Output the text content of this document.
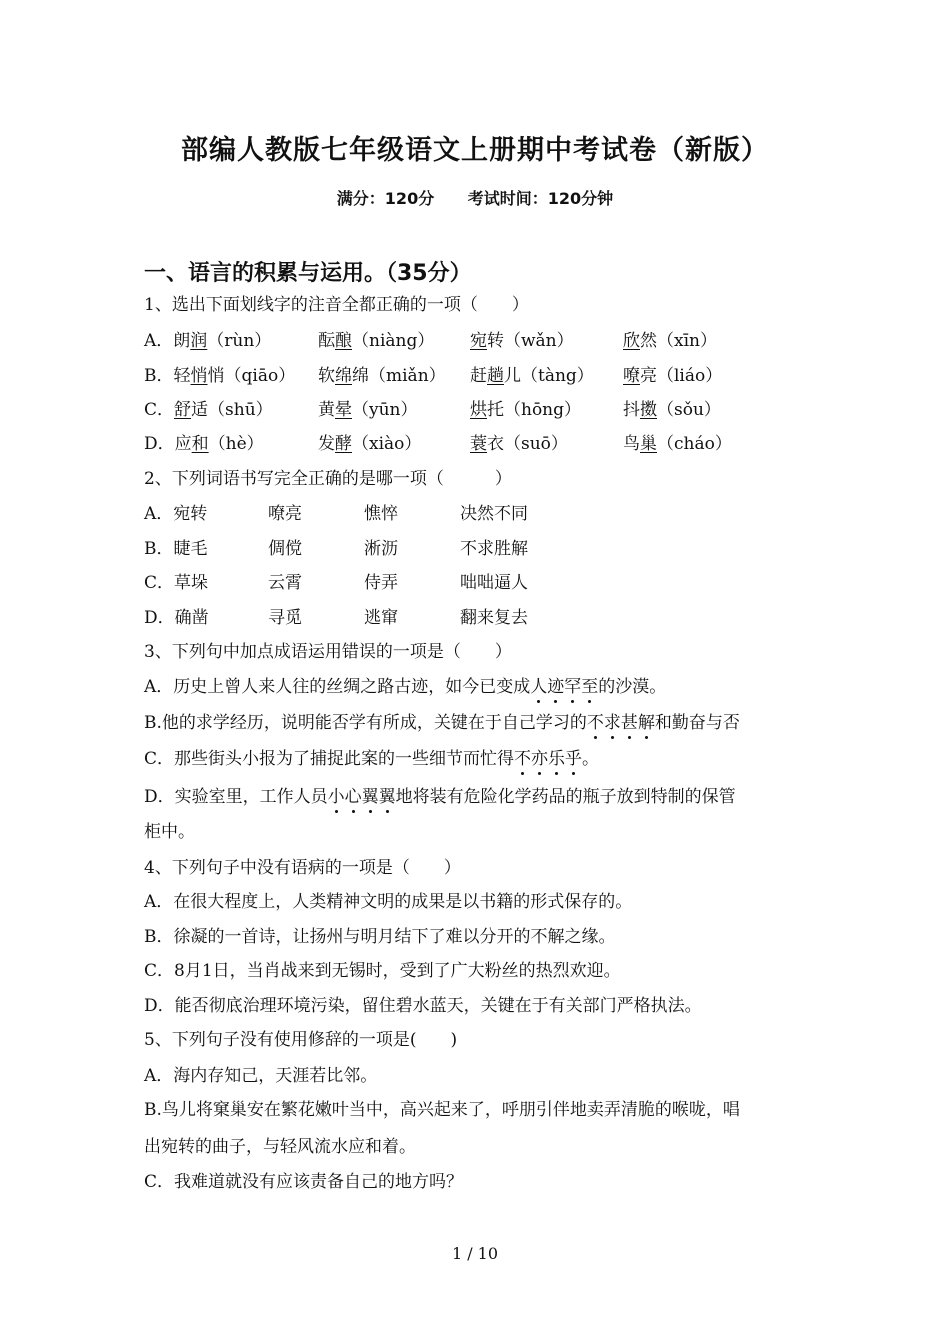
部编人教版七年级语文上册期中考试卷（新版）
满分：120分 考试时间：120分钟
一、语言的积累与运用。（35分）
1、选出下面划线字的注音全都正确的一项（　　）
A．朗润（rùn）	酝酿（niàng） 宛转（wǎn）	欣然（xīn）
B．轻悄悄（qiāo） 软绵绵（miǎn） 赶趟儿（tàng） 嘹亮（liáo）
C．舒适（shū）	黄晕（yūn）	烘托（hōng） 抖擞（sǒu）
D．应和（hè）	发酵（xiào）	蓑衣（suō）	鸟巢（cháo）
2、下列词语书写完全正确的是哪一项（　　　）
A．宛转	嘹亮	憔悴	决然不同
B．睫毛	倜傥	淅沥	不求胜解
C．草垛	云霄	侍弄	咄咄逼人
D．确凿	寻觅	逃窜	翻来复去
3、下列句中加点成语运用错误的一项是（　　）
A．历史上曾人来人往的丝绸之路古迹，如今已变成人迹罕至的沙漠。
B.他的求学经历，说明能否学有所成，关键在于自己学习的不求甚解和勤奋与否
C．那些街头小报为了捕捉此案的一些细节而忙得不亦乐乎。
D．实验室里，工作人员小心翼翼地将装有危险化学药品的瓶子放到特制的保管
柜中。
4、下列句子中没有语病的一项是（　　）
A．在很大程度上，人类精神文明的成果是以书籍的形式保存的。
B．徐凝的一首诗，让扬州与明月结下了难以分开的不解之缘。
C．8月1日，当肖战来到无锡时，受到了广大粉丝的热烈欢迎。
D．能否彻底治理环境污染，留住碧水蓝天，关键在于有关部门严格执法。
5、下列句子没有使用修辞的一项是(　　)
A．海内存知己，天涯若比邻。
B.鸟儿将窠巢安在繁花嫩叶当中，高兴起来了，呼朋引伴地卖弄清脆的喉咙，唱
出宛转的曲子，与轻风流水应和着。
C．我难道就没有应该责备自己的地方吗？
1 / 10
